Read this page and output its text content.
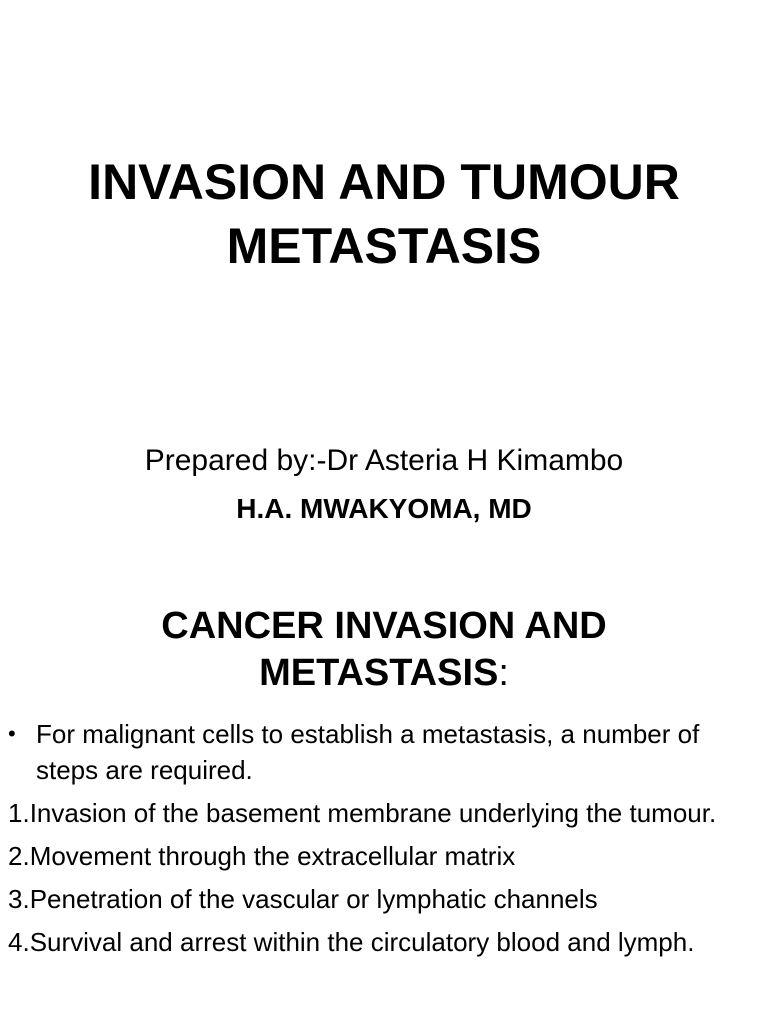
INVASION AND TUMOUR
METASTASIS

Prepared by:-Dr Asteria H Kimambo

H.A. MWAKYOMA, MD

CANCER INVASION AND
METASTASIS:
• For malignant cells to establish a metastasis, a number of steps are required.
1.Invasion of the basement membrane underlying the tumour.
2.Movement through the extracellular matrix
3.Penetration of the vascular or lymphatic channels
4.Survival and arrest within the circulatory blood and lymph.
